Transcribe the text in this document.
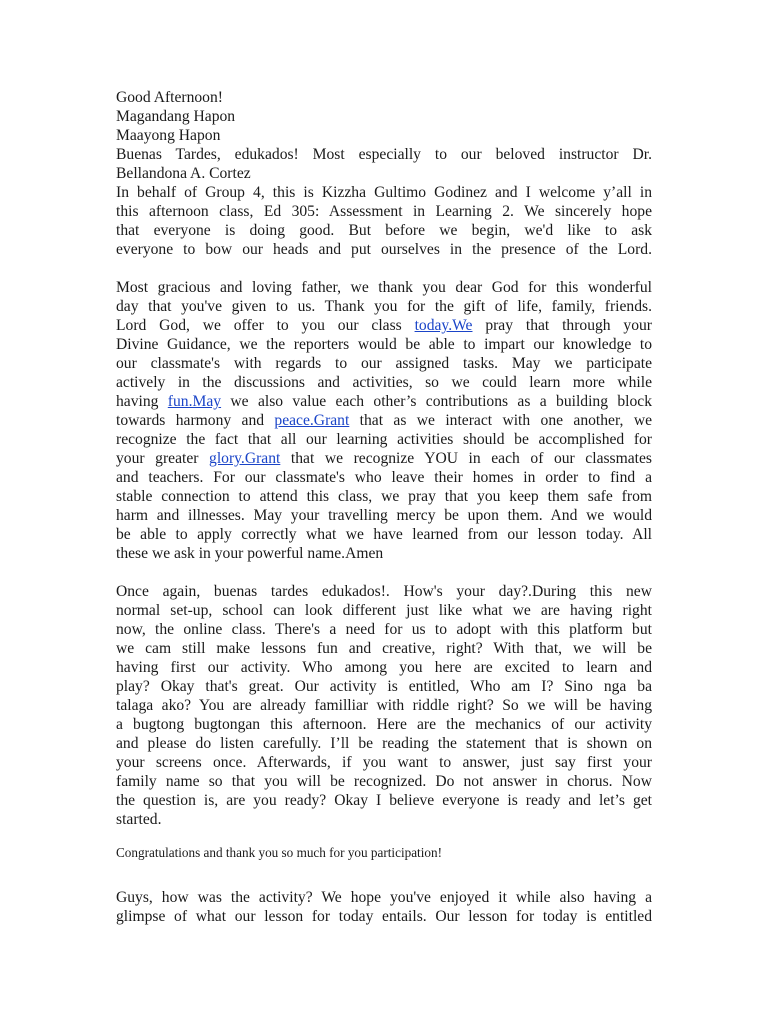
Good Afternoon!
Magandang Hapon
Maayong Hapon
Buenas Tardes, edukados! Most especially to our beloved instructor Dr.
Bellandona A. Cortez
In behalf of Group 4, this is Kizzha Gultimo Godinez and I welcome y’all in
this afternoon class, Ed 305: Assessment in Learning 2. We sincerely hope
that everyone is doing good. But before we begin, we'd like to ask
everyone to bow our heads and put ourselves in the presence of the Lord.
Most gracious and loving father, we thank you dear God for this wonderful
day that you've given to us. Thank you for the gift of life, family, friends.
Lord God, we offer to you our class today.We pray that through your
Divine Guidance, we the reporters would be able to impart our knowledge to
our classmate's with regards to our assigned tasks. May we participate
actively in the discussions and activities, so we could learn more while
having fun.May we also value each other’s contributions as a building block
towards harmony and peace.Grant that as we interact with one another, we
recognize the fact that all our learning activities should be accomplished for
your greater glory.Grant that we recognize YOU in each of our classmates
and teachers. For our classmate's who leave their homes in order to find a
stable connection to attend this class, we pray that you keep them safe from
harm and illnesses. May your travelling mercy be upon them. And we would
be able to apply correctly what we have learned from our lesson today. All
these we ask in your powerful name.Amen
Once again, buenas tardes edukados!. How's your day?.During this new
normal set-up, school can look different just like what we are having right
now, the online class. There's a need for us to adopt with this platform but
we cam still make lessons fun and creative, right? With that, we will be
having first our activity. Who among you here are excited to learn and
play? Okay that's great. Our activity is entitled, Who am I? Sino nga ba
talaga ako? You are already familliar with riddle right? So we will be having
a bugtong bugtongan this afternoon. Here are the mechanics of our activity
and please do listen carefully. I’ll be reading the statement that is shown on
your screens once. Afterwards, if you want to answer, just say first your
family name so that you will be recognized. Do not answer in chorus. Now
the question is, are you ready? Okay I believe everyone is ready and let’s get
started.
Congratulations and thank you so much for you participation!
Guys, how was the activity? We hope you've enjoyed it while also having a
glimpse of what our lesson for today entails. Our lesson for today is entitled
